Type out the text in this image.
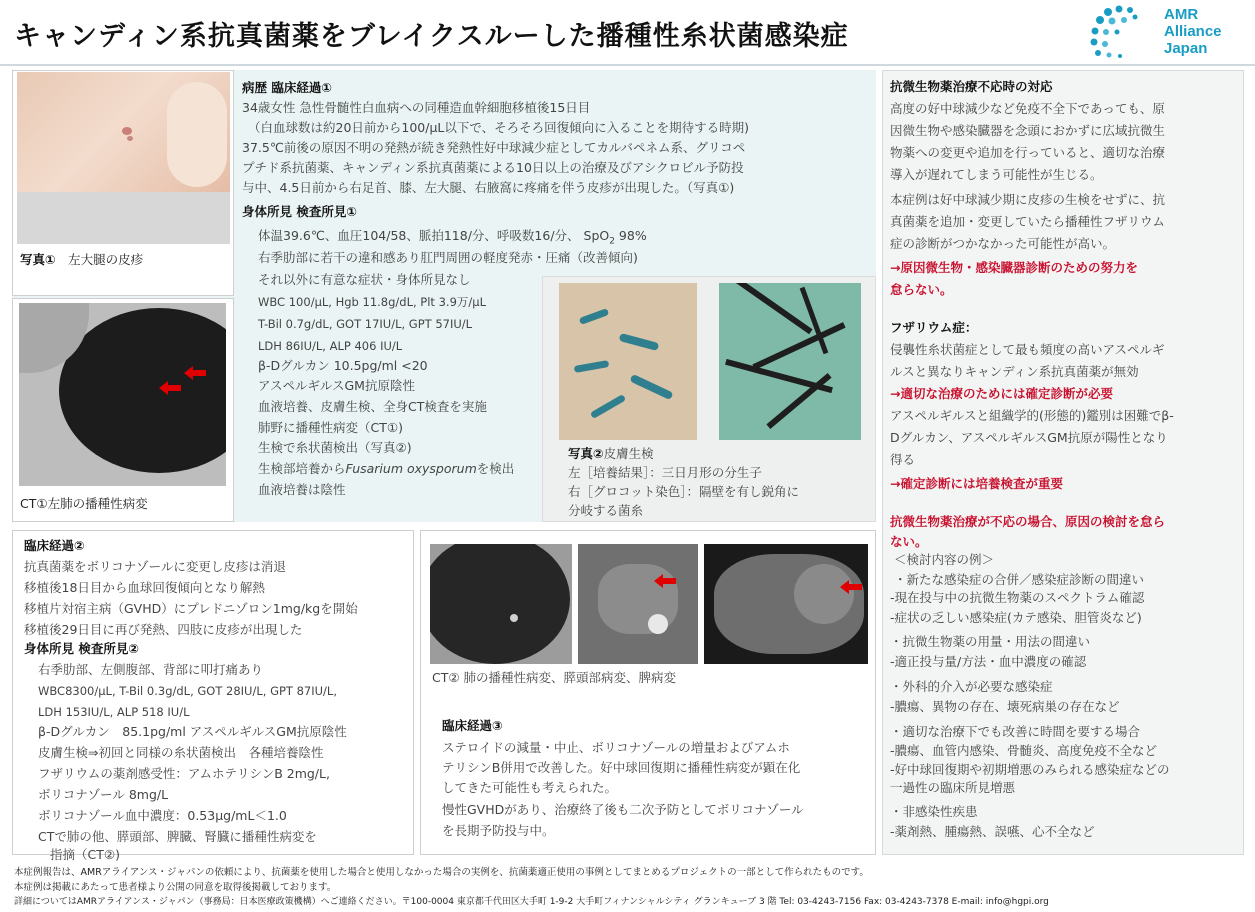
キャンディン系抗真菌薬をブレイクスルーした播種性糸状菌感染症
AMR
Alliance
Japan
写真①　 左大腿の皮疹
CT①左肺の播種性病変
病歴 臨床経過①
34歳女性 急性骨髄性白血病への同種造血幹細胞移植後15日目
（白血球数は約20日前から100/µL以下で、そろそろ回復傾向に入ることを期待する時期)
37.5℃前後の原因不明の発熱が続き発熱性好中球減少症としてカルバペネム系、グリコペ
プチド系抗菌薬、キャンディン系抗真菌薬による10日以上の治療及びアシクロビル予防投
与中、4.5日前から右足首、膝、左大腿、右腋窩に疼痛を伴う皮疹が出現した。（写真①)
身体所見 検査所見①
体温39.6℃、血圧104/58、脈拍118/分、呼吸数16/分、 SpO$_2$ 98%
右季肋部に若干の違和感あり肛門周囲の軽度発赤・圧痛（改善傾向)
それ以外に有意な症状・身体所見なし
WBC 100/µL, Hgb 11.8g/dL, Plt 3.9万/µL
T-Bil 0.7g/dL, GOT 17IU/L, GPT 57IU/L
LDH 86IU/L, ALP 406 IU/L
β-Dグルカン 10.5pg/ml <20
アスペルギルスGM抗原陰性
血液培養、皮膚生検、全身CT検査を実施
肺野に播種性病変（CT①)
生検で糸状菌検出（写真②)
生検部培養からFusarium oxysporumを検出
血液培養は陰性
写真②皮膚生検
左［培養結果］：三日月形の分生子
右［グロコット染色］：隔壁を有し鋭角に
分岐する菌糸
臨床経過②
抗真菌薬をボリコナゾールに変更し皮疹は消退
移植後18日目から血球回復傾向となり解熱
移植片対宿主病（GVHD）にプレドニゾロン1mg/kgを開始
移植後29日目に再び発熱、四肢に皮疹が出現した
身体所見 検査所見②
右季肋部、左側腹部、背部に叩打痛あり
WBC8300/µL, T-Bil 0.3g/dL, GOT 28IU/L, GPT 87IU/L,
LDH 153IU/L, ALP 518 IU/L
β-Dグルカン　85.1pg/ml アスペルギルスGM抗原陰性
皮膚生検⇒初回と同様の糸状菌検出　各種培養陰性
フザリウムの薬剤感受性：アムホテリシンB 2mg/L,
ボリコナゾール 8mg/L
ボリコナゾール血中濃度：0.53µg/mL＜1.0
CTで肺の他、膵頭部、脾臓、腎臓に播種性病変を
指摘（CT②)
CT② 肺の播種性病変、膵頭部病変、脾病変
臨床経過③
ステロイドの減量・中止、ボリコナゾールの増量およびアムホ
テリシンB併用で改善した。好中球回復期に播種性病変が顕在化
してきた可能性も考えられた。
慢性GVHDがあり、治療終了後も二次予防としてボリコナゾール
を長期予防投与中。
抗微生物薬治療不応時の対応
高度の好中球減少など免疫不全下であっても、原
因微生物や感染臓器を念頭におかずに広域抗微生
物薬への変更や追加を行っていると、適切な治療
導入が遅れてしまう可能性が生じる。
本症例は好中球減少期に皮疹の生検をせずに、抗
真菌薬を追加・変更していたら播種性フザリウム
症の診断がつかなかった可能性が高い。
→原因微生物・感染臓器診断のための努力を
怠らない。
フザリウム症：
侵襲性糸状菌症として最も頻度の高いアスペルギ
ルスと異なりキャンディン系抗真菌薬が無効
→適切な治療のためには確定診断が必要
アスペルギルスと組織学的(形態的)鑑別は困難でβ-
Dグルカン、アスペルギルスGM抗原が陽性となり
得る
→確定診断には培養検査が重要
抗微生物薬治療が不応の場合、原因の検討を怠ら
ない。
＜検討内容の例＞
・新たな感染症の合併／感染症診断の間違い
-現在投与中の抗微生物薬のスペクトラム確認
-症状の乏しい感染症(カテ感染、胆管炎など)
・抗微生物薬の用量・用法の間違い
-適正投与量/方法・血中濃度の確認
・外科的介入が必要な感染症
-膿瘍、異物の存在、壊死病巣の存在など
・適切な治療下でも改善に時間を要する場合
-膿瘍、血管内感染、骨髄炎、高度免疫不全など
-好中球回復期や初期増悪のみられる感染症などの
一過性の臨床所見増悪
・非感染性疾患
-薬剤熱、腫瘍熱、誤嚥、心不全など
本症例報告は、AMRアライアンス・ジャパンの依頼により、抗菌薬を使用した場合と使用しなかった場合の実例を、抗菌薬適正使用の事例としてまとめるプロジェクトの一部として作られたものです。
本症例は掲載にあたって患者様より公開の同意を取得後掲載しております。
詳細についてはAMRアライアンス・ジャパン（事務局：日本医療政策機構）へご連絡ください。〒100-0004 東京都千代田区大手町 1-9-2 大手町フィナンシャルシティ グランキューブ 3 階 Tel: 03-4243-7156 Fax: 03-4243-7378 E-mail: info@hgpi.org
